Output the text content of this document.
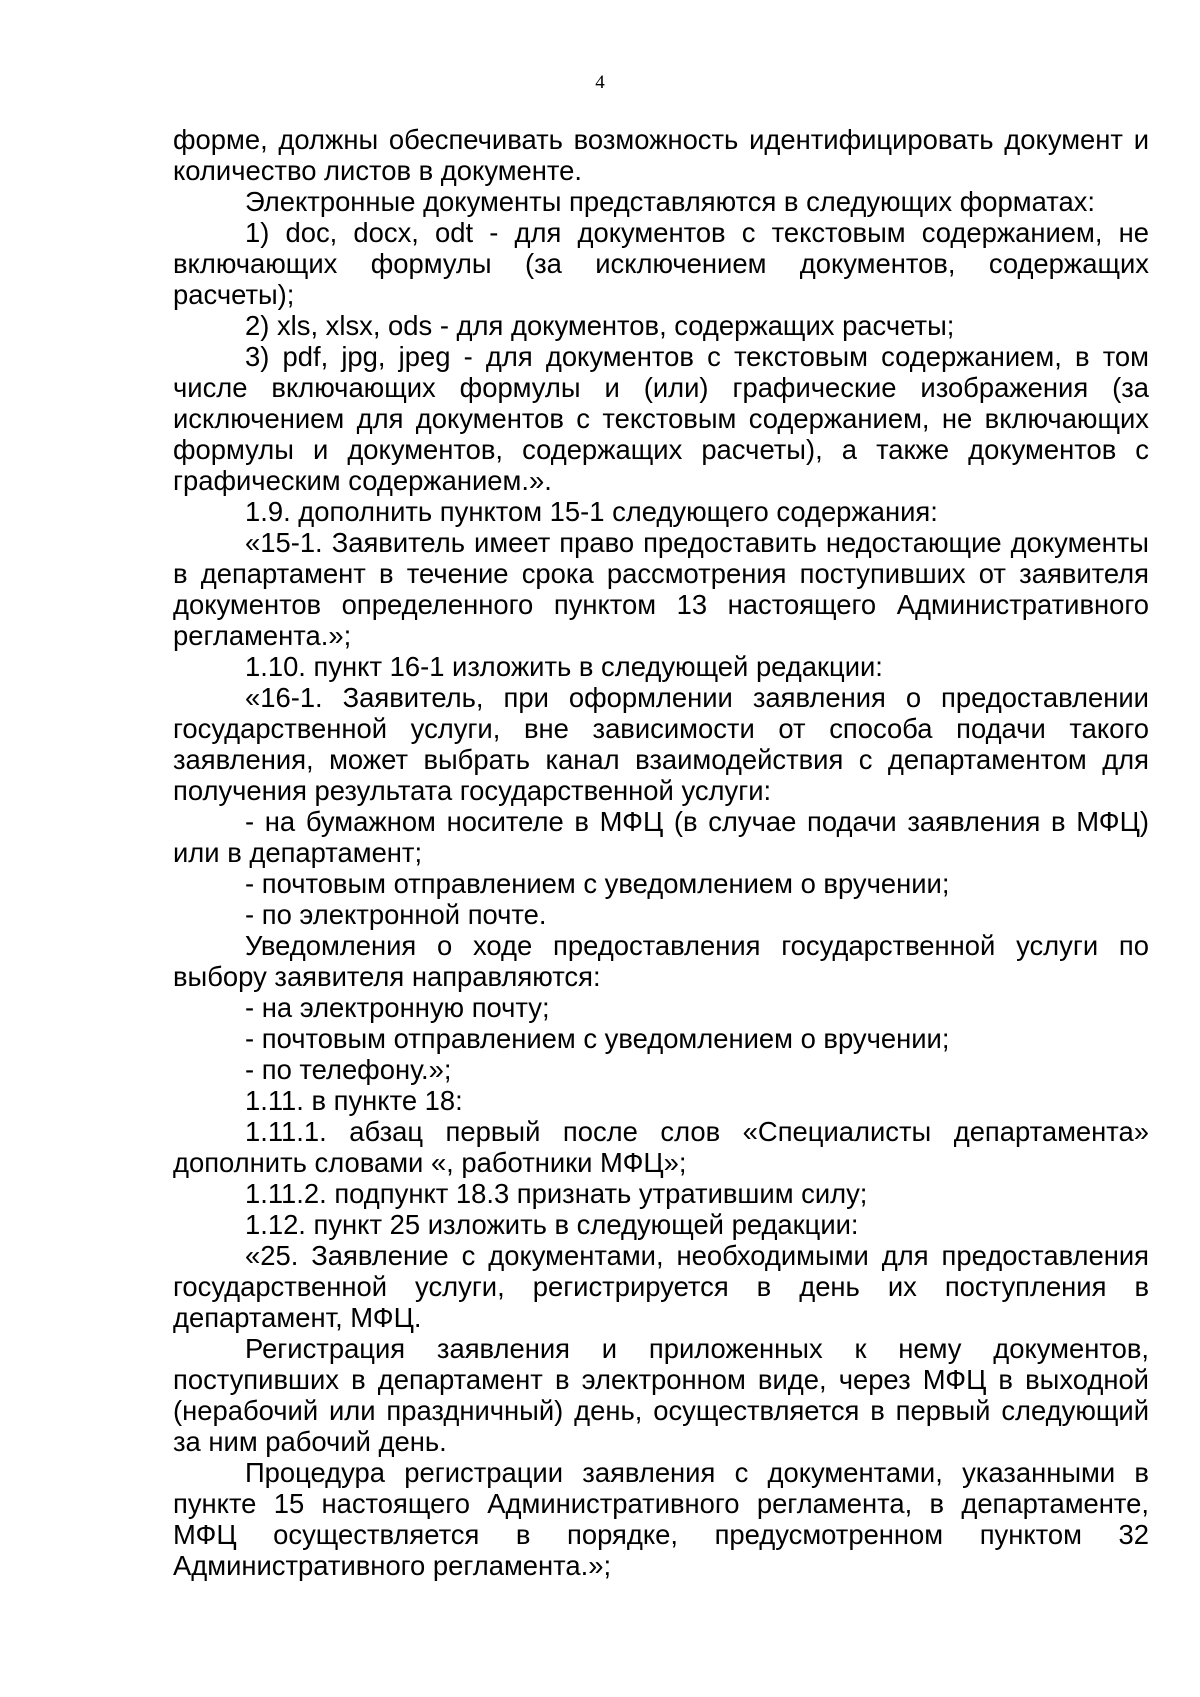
4

форме, должны обеспечивать возможность идентифицировать документ и количество листов в документе.

Электронные документы представляются в следующих форматах:

1) doc, docx, odt - для документов с текстовым содержанием, не включающих формулы (за исключением документов, содержащих расчеты);

2) xls, xlsx, ods - для документов, содержащих расчеты;

3) pdf, jpg, jpeg - для документов с текстовым содержанием, в том числе включающих формулы и (или) графические изображения (за исключением для документов с текстовым содержанием, не включающих формулы и документов, содержащих расчеты), а также документов с графическим содержанием.».

1.9. дополнить пунктом 15-1 следующего содержания:

«15-1. Заявитель имеет право предоставить недостающие документы в департамент в течение срока рассмотрения поступивших от заявителя документов определенного пунктом 13 настоящего Административного регламента.»;

1.10. пункт 16-1 изложить в следующей редакции:

«16-1. Заявитель, при оформлении заявления о предоставлении государственной услуги, вне зависимости от способа подачи такого заявления, может выбрать канал взаимодействия с департаментом для получения результата государственной услуги:

- на бумажном носителе в МФЦ (в случае подачи заявления в МФЦ) или в департамент;

- почтовым отправлением с уведомлением о вручении;

- по электронной почте.

Уведомления о ходе предоставления государственной услуги по выбору заявителя направляются:

- на электронную почту;

- почтовым отправлением с уведомлением о вручении;

- по телефону.»;

1.11. в пункте 18:

1.11.1. абзац первый после слов «Специалисты департамента» дополнить словами «, работники МФЦ»;

1.11.2. подпункт 18.3 признать утратившим силу;

1.12. пункт 25 изложить в следующей редакции:

«25. Заявление с документами, необходимыми для предоставления государственной услуги, регистрируется в день их поступления в департамент, МФЦ.

Регистрация заявления и приложенных к нему документов, поступивших в департамент в электронном виде, через МФЦ в выходной (нерабочий или праздничный) день, осуществляется в первый следующий за ним рабочий день.

Процедура регистрации заявления с документами, указанными в пункте 15 настоящего Административного регламента, в департаменте, МФЦ осуществляется в порядке, предусмотренном пунктом 32 Административного регламента.»;
